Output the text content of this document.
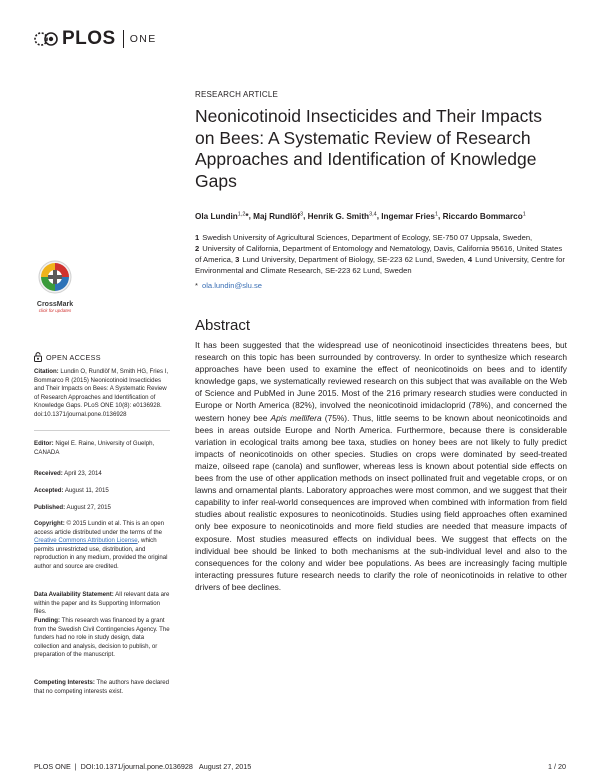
PLOS ONE
RESEARCH ARTICLE
Neonicotinoid Insecticides and Their Impacts on Bees: A Systematic Review of Research Approaches and Identification of Knowledge Gaps
Ola Lundin$^{1,2}$*, Maj Rundlöf$^3$, Henrik G. Smith$^{3,4}$, Ingemar Fries$^1$, Riccardo Bommarco$^1$

1 Swedish University of Agricultural Sciences, Department of Ecology, SE-750 07 Uppsala, Sweden,

2 University of California, Department of Entomology and Nematology, Davis, California 95616, United States of America, 3 Lund University, Department of Biology, SE-223 62 Lund, Sweden, 4 Lund University, Centre for Environmental and Climate Research, SE-223 62 Lund, Sweden

* ola.lundin@slu.se
CrossMark
click for updates
OPEN ACCESS
Citation: Lundin O, Rundlöf M, Smith HG, Fries I, Bommarco R (2015) Neonicotinoid Insecticides and Their Impacts on Bees: A Systematic Review of Research Approaches and Identification of Knowledge Gaps. PLoS ONE 10(8): e0136928. doi:10.1371/journal.pone.0136928
Editor: Nigel E. Raine, University of Guelph, CANADA
Received: April 23, 2014
Accepted: August 11, 2015
Published: August 27, 2015
Copyright: © 2015 Lundin et al. This is an open access article distributed under the terms of the Creative Commons Attribution License, which permits unrestricted use, distribution, and reproduction in any medium, provided the original author and source are credited.
Data Availability Statement: All relevant data are within the paper and its Supporting Information files.
Funding: This research was financed by a grant from the Swedish Civil Contingencies Agency. The funders had no role in study design, data collection and analysis, decision to publish, or preparation of the manuscript.
Competing Interests: The authors have declared that no competing interests exist.
Abstract

It has been suggested that the widespread use of neonicotinoid insecticides threatens bees, but research on this topic has been surrounded by controversy. In order to synthesize which research approaches have been used to examine the effect of neonicotinoids on bees and to identify knowledge gaps, we systematically reviewed research on this subject that was available on the Web of Science and PubMed in June 2015. Most of the 216 primary research studies were conducted in Europe or North America (82%), involved the neonicotinoid imidacloprid (78%), and concerned the western honey bee Apis mellifera (75%). Thus, little seems to be known about neonicotinoids and bees in areas outside Europe and North America. Furthermore, because there is considerable variation in ecological traits among bee taxa, studies on honey bees are not likely to fully predict impacts of neonicotinoids on other species. Studies on crops were dominated by seed-treated maize, oilseed rape (canola) and sunflower, whereas less is known about potential side effects on bees from the use of other application methods on insect pollinated fruit and vegetable crops, or on lawns and ornamental plants. Laboratory approaches were most common, and we suggest that their capability to infer real-world consequences are improved when combined with information from field studies about realistic exposures to neonicotinoids. Studies using field approaches often examined only bee exposure to neonicotinoids and more field studies are needed that measure impacts of exposure. Most studies measured effects on individual bees. We suggest that effects on the individual bee should be linked to both mechanisms at the sub-individual level and also to the consequences for the colony and wider bee populations. As bees are increasingly facing multiple interacting pressures future research needs to clarify the role of neonicotinoids in relative to other drivers of bee declines.

PLOS ONE | DOI:10.1371/journal.pone.0136928 August 27, 2015	1 / 20
